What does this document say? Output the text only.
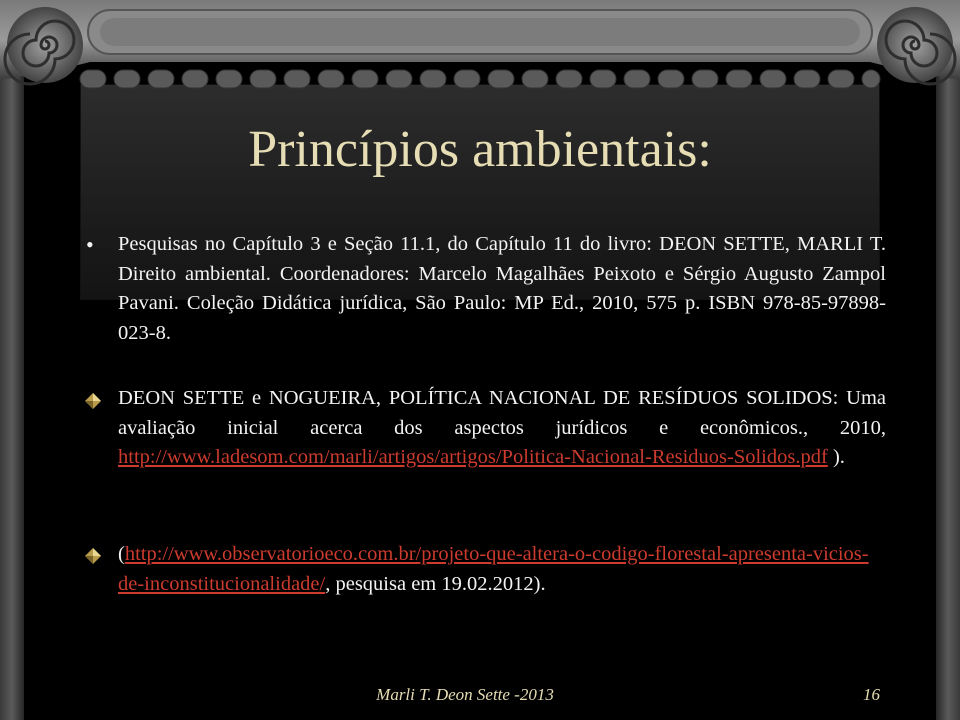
Princípios ambientais:
• Pesquisas no Capítulo 3 e Seção 11.1, do Capítulo 11 do livro: DEON SETTE, MARLI T. Direito ambiental. Coordenadores: Marcelo Magalhães Peixoto e Sérgio Augusto Zampol Pavani. Coleção Didática jurídica, São Paulo: MP Ed., 2010, 575 p. ISBN 978-85-97898-023-8.
DEON SETTE e NOGUEIRA, POLÍTICA NACIONAL DE RESÍDUOS SOLIDOS: Uma avaliação inicial acerca dos aspectos jurídicos e econômicos., 2010, http://www.ladesom.com/marli/artigos/artigos/Politica-Nacional-Residuos-Solidos.pdf ).
(http://www.observatorioeco.com.br/projeto-que-altera-o-codigo-florestal-apresenta-vicios-de-inconstitucionalidade/, pesquisa em 19.02.2012).
Marli T. Deon Sette -2013	16
